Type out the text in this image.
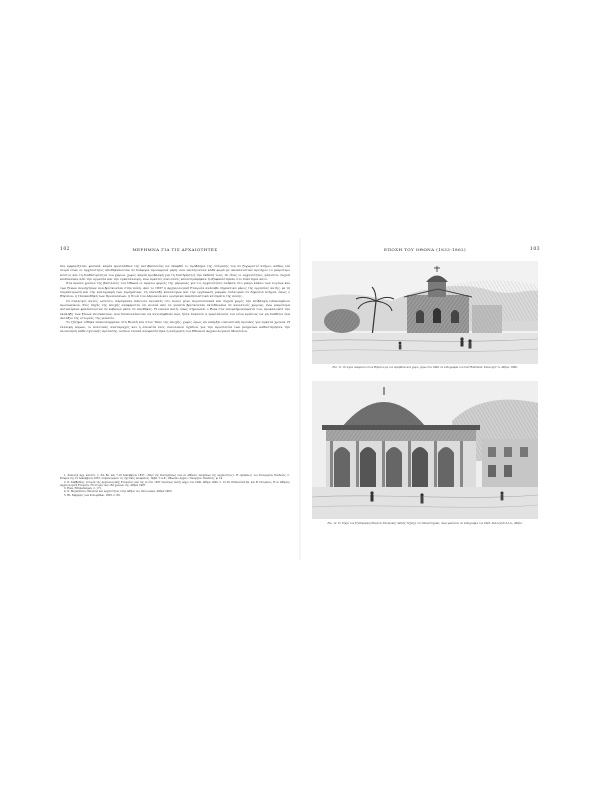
102	ΜΕΡΗΜΝΑ ΓΙΑ ΤΙΣ ΑΡΧΑΙΟΤΗΤΕΣ

δεν εμφανίζεται, φυσικά, καμία προσπάθεια της Αντιβασιλείας να σκεφθεί το πρόβλημα της στέγασης του σε ξεχωριστό κτήριο, καθώς επί σειρά ετών οι αρχαιότητες αποθηκεύονταν σε διάφορα προσωρινά μέρη, που επιλέγονταν κάθε φορά με αποκλειστικό κριτήριο το μικρότερο κόστος και τη διαθεσιμότητα του χώρου, χωρίς καμία πρόβλεψη για τη διατήρηση ή την έκθεσή τους. Οι ίδιες οι αρχαιότητες, μάλιστα, συχνά κινδύνευαν από την υγρασία και την εγκατάλειψη, ενώ αρκετές από αυτές καταστράφηκαν ή εξαφανίστηκαν στο διάστημα αυτό.

Στα πρώτα χρόνια της βασιλείας του Όθωνα οι πρώτοι φορείς της μέριμνας για τις αρχαιότητες ανήκαν στο μικρό κύκλο των λογίων και των ξένων περιηγητών που βρίσκονταν στην πόλη. Από το 1837 η Αρχαιολογική Εταιρεία ανέλαβε σημαντικό μέρος της εργασίας αυτής, με τη συγκέντρωση και την καταγραφή των ευρημάτων, τη σύνταξη καταλόγων και την οργάνωση μικρών συλλογών σε δημόσια κτήρια, όπως ο Θησείον, η Πινακοθήκη των Προπυλαίων, η Στοά του Αδριανού και ορισμένα εκκλησιαστικά κτίσματα της πόλης.

Οι συλλογές αυτές, ωστόσο, παρέμεναν πάντοτε ανοικτές στο κοινό μόνο περιστασιακά και συχνά χωρίς την επίβλεψη ειδικευμένου προσωπικού. Στις πηγές της εποχής αναφέρεται ότι πολλά από τα γλυπτά βρίσκονταν εκτεθειμένα σε ανοικτούς χώρους, ενώ μικρότερα αντικείμενα φυλάσσονταν σε κιβώτια μέσα σε αποθήκες. Η εικόνα αυτή, όπως σημειώνει ο Ross στα απομνημονεύματά του, προκαλούσε την έκπληξη των ξένων επισκεπτών, που δυσκολεύονταν να αντιληφθούν πώς ήταν δυνατόν η πρωτεύουσα του νέου κράτους να μη διαθέτει ένα αντάξιο της ιστορίας της μουσείο.

Το ζήτημα τέθηκε επανειλημμένα στη Βουλή και στον Τύπο της εποχής, χωρίς όμως να υπάρξει ουσιαστική πρόοδος για αρκετά χρόνια. Η έλλειψη πόρων, οι πολιτικές αναταραχές και η απουσία ενός συνολικού σχεδίου για την προστασία των μνημείων καθυστέρησαν την υλοποίηση κάθε σχετικής πρότασης, ώσπου τελικά αποφασίστηκε η ανέγερση του Εθνικού Αρχαιολογικού Μουσείου.

1. Συλλογή Αρχ. καταστ. σ. 34. Βλ. και 7-19 Δεκεμβρίου 1837, «Περί της διατηρήσεως των εν Αθήναις λειψάνων της αρχαιότητος». Η εγκύκλιος του Υπουργείου Παιδείας, Γ. Ρούφου της 21 Δεκεμβρίου 1837, συγκεντρώνει τις σχετικές αποφάσεις. Πρβλ. Γ.Α.Κ., Οθωνικό Αρχείο, Υπουργείο Παιδείας, φ. 14.

2. Π. Καββαδίας, Ιστορία της Αρχαιολογικής Εταιρείας από της εν έτει 1837 ιδρύσεως αυτής μέχρι του 1900, Αθήνα 1900, σ. 12-18. Ενδεικτικά βλ. και Β. Πετράκος, Η εν Αθήναις Αρχαιολογική Εταιρεία. Η ιστορία των 150 χρόνων της, Αθήνα 1987.

3. Ross, Erinnerungen, σ. 171.

4. Ν. Μιχαηλίδου, Μουσεία και αρχαιότητες στην Αθήνα του 19ου αιώνα, Αθήνα 2003.

5. Βλ. Εφημερίς των Φιλομαθών, 1858, σ. 88.

ΕΠΟΧΗ ΤΟΥ ΟΘΩΝΑ (1833-1862)	103
Εικ. 11. Οι Αγίοι Ασώματοι στου Θησείου με τον περιβάλλοντα χώρο, γύρω στα 1840, σε λιθογραφία του Carl Rottmann. Συλλογή Γ.Λ. Αθήνα, 1998.
Εικ. 12. Το Τζαμί του Τζισδαράκη (Μουσείο Ελληνικής Λαϊκής Τέχνης) στο Μοναστηράκι, όπως φαίνεται σε λιθογραφία του 1843. Συλλογή Ε.Λ.Ι.Α., Αθήνα.
